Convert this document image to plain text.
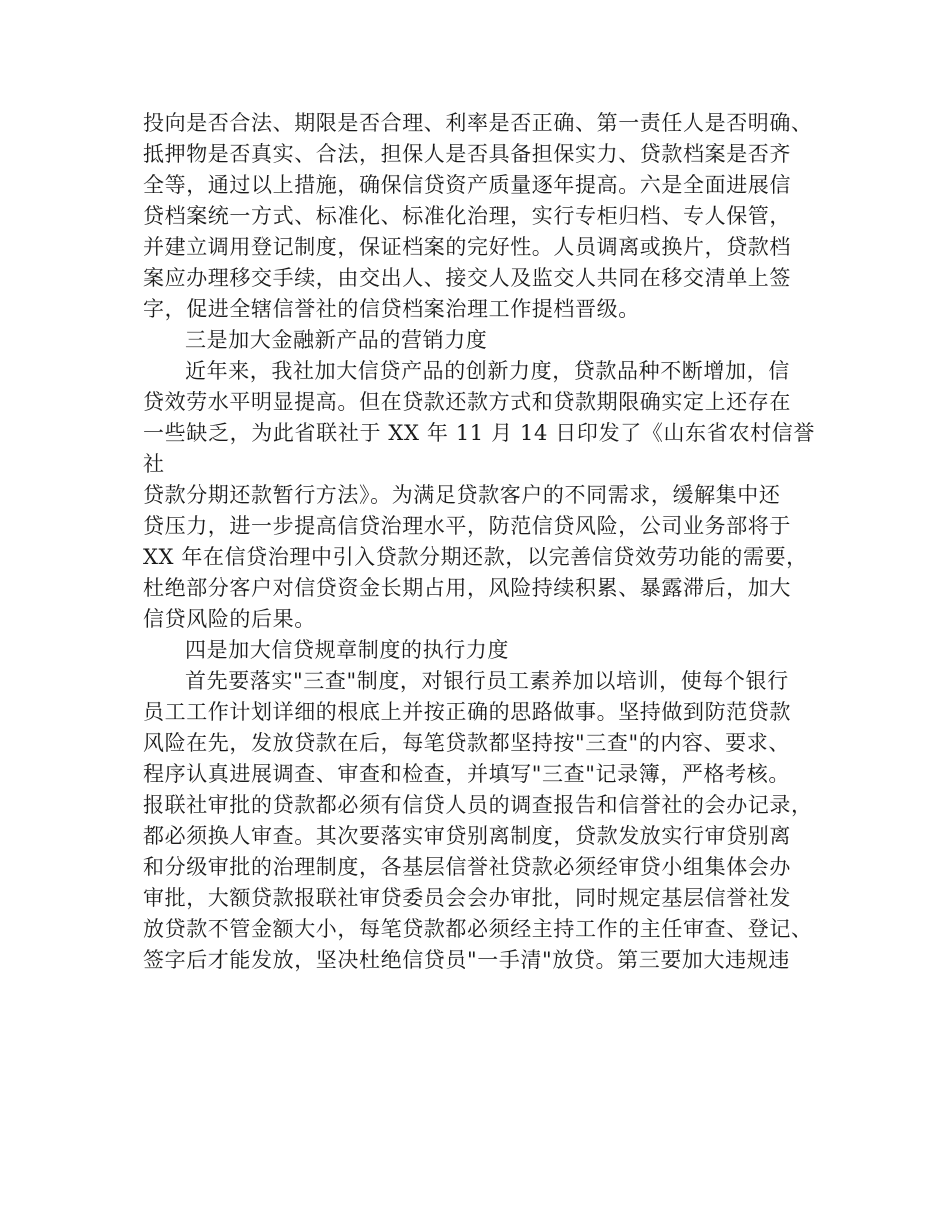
投向是否合法、期限是否合理、利率是否正确、第一责任人是否明确、
抵押物是否真实、合法，担保人是否具备担保实力、贷款档案是否齐
全等，通过以上措施，确保信贷资产质量逐年提高。六是全面进展信
贷档案统一方式、标准化、标准化治理，实行专柜归档、专人保管，
并建立调用登记制度，保证档案的完好性。人员调离或换片，贷款档
案应办理移交手续，由交出人、接交人及监交人共同在移交清单上签
字，促进全辖信誉社的信贷档案治理工作提档晋级。

三是加大金融新产品的营销力度

近年来，我社加大信贷产品的创新力度，贷款品种不断增加，信
贷效劳水平明显提高。但在贷款还款方式和贷款期限确实定上还存在
一些缺乏，为此省联社于 XX 年 11 月 14 日印发了《山东省农村信誉社
贷款分期还款暂行方法》。为满足贷款客户的不同需求，缓解集中还
贷压力，进一步提高信贷治理水平，防范信贷风险，公司业务部将于
XX 年在信贷治理中引入贷款分期还款，以完善信贷效劳功能的需要，
杜绝部分客户对信贷资金长期占用，风险持续积累、暴露滞后，加大
信贷风险的后果。

四是加大信贷规章制度的执行力度

首先要落实"三查"制度，对银行员工素养加以培训，使每个银行
员工工作计划详细的根底上并按正确的思路做事。坚持做到防范贷款
风险在先，发放贷款在后，每笔贷款都坚持按"三查"的内容、要求、
程序认真进展调查、审查和检查，并填写"三查"记录簿，严格考核。
报联社审批的贷款都必须有信贷人员的调查报告和信誉社的会办记录，
都必须换人审查。其次要落实审贷别离制度，贷款发放实行审贷别离
和分级审批的治理制度，各基层信誉社贷款必须经审贷小组集体会办
审批，大额贷款报联社审贷委员会会办审批，同时规定基层信誉社发
放贷款不管金额大小，每笔贷款都必须经主持工作的主任审查、登记、
签字后才能发放，坚决杜绝信贷员"一手清"放贷。第三要加大违规违
